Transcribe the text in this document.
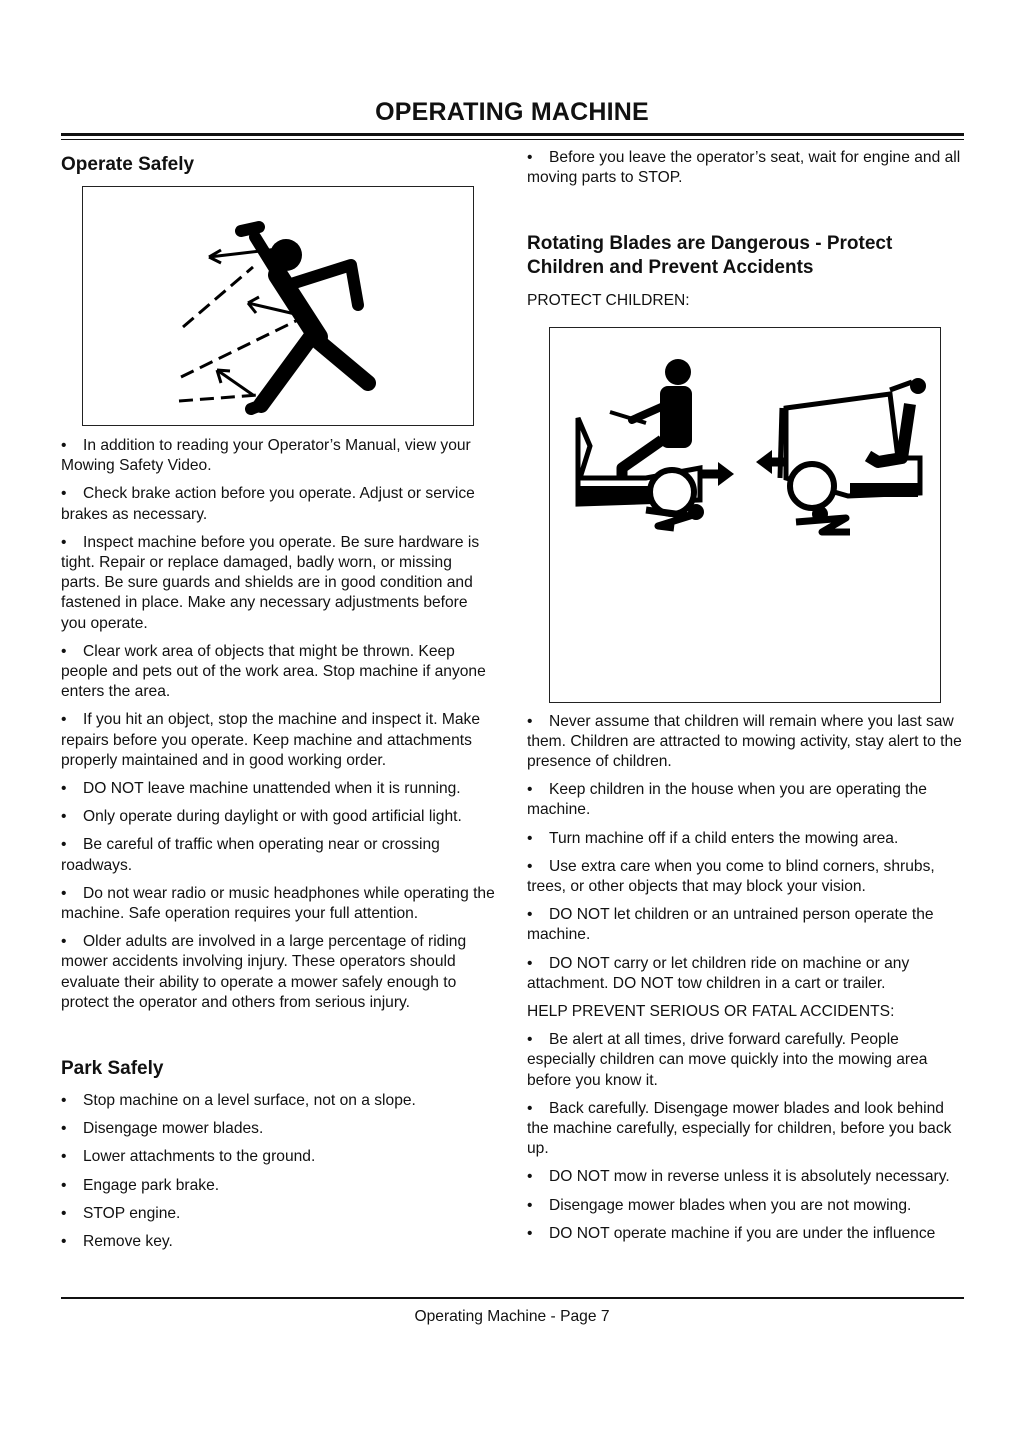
OPERATING MACHINE
Operate Safely

• In addition to reading your Operator’s Manual, view your Mowing Safety Video.

• Check brake action before you operate. Adjust or service brakes as necessary.

• Inspect machine before you operate. Be sure hardware is tight. Repair or replace damaged, badly worn, or missing parts. Be sure guards and shields are in good condition and fastened in place. Make any necessary adjustments before you operate.

• Clear work area of objects that might be thrown. Keep people and pets out of the work area. Stop machine if anyone enters the area.

• If you hit an object, stop the machine and inspect it. Make repairs before you operate. Keep machine and attachments properly maintained and in good working order.

• DO NOT leave machine unattended when it is running.

• Only operate during daylight or with good artificial light.

• Be careful of traffic when operating near or crossing roadways.

• Do not wear radio or music headphones while operating the machine. Safe operation requires your full attention.

• Older adults are involved in a large percentage of riding mower accidents involving injury. These operators should evaluate their ability to operate a mower safely enough to protect the operator and others from serious injury.

Park Safely

• Stop machine on a level surface, not on a slope.

• Disengage mower blades.

• Lower attachments to the ground.

• Engage park brake.

• STOP engine.

• Remove key.

• Before you leave the operator’s seat, wait for engine and all moving parts to STOP.

Rotating Blades are Dangerous - Protect
Children and Prevent Accidents

PROTECT CHILDREN:

• Never assume that children will remain where you last saw them. Children are attracted to mowing activity, stay alert to the presence of children.

• Keep children in the house when you are operating the machine.

• Turn machine off if a child enters the mowing area.

• Use extra care when you come to blind corners, shrubs, trees, or other objects that may block your vision.

• DO NOT let children or an untrained person operate the machine.

• DO NOT carry or let children ride on machine or any attachment. DO NOT tow children in a cart or trailer.

HELP PREVENT SERIOUS OR FATAL ACCIDENTS:

• Be alert at all times, drive forward carefully. People especially children can move quickly into the mowing area before you know it.

• Back carefully. Disengage mower blades and look behind the machine carefully, especially for children, before you back up.

• DO NOT mow in reverse unless it is absolutely necessary.

• Disengage mower blades when you are not mowing.

• DO NOT operate machine if you are under the influence

Operating Machine - Page 7
